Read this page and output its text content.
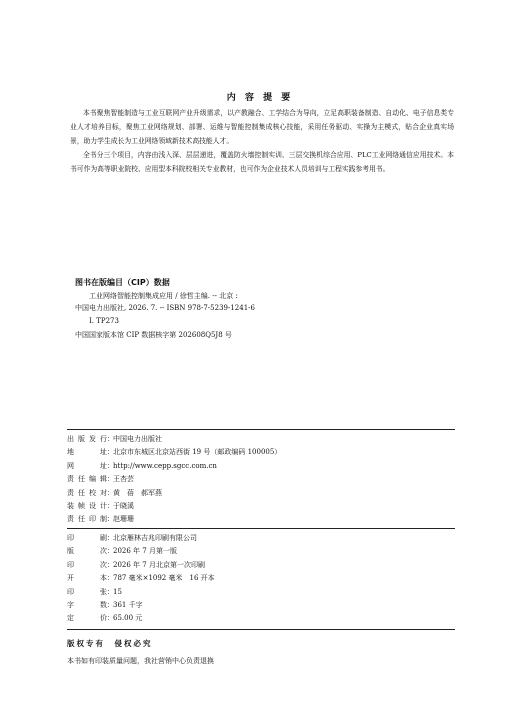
内 容 提 要
本书聚焦智能制造与工业互联网产业升级需求，以产教融合、工学结合为导向，立足高职装备制造、自动化、电子信息类专业人才培养目标，聚焦工业网络规划、部署、运维与智能控制集成核心技能，采用任务驱动、实操为主模式，贴合企业真实场景，助力学生成长为工业网络领域新技术高技能人才。
全书分三个项目，内容由浅入深、层层递进，覆盖防火墙控制实训、三层交换机综合应用、PLC工业网络通信应用技术。本书可作为高等职业院校、应用型本科院校相关专业教材，也可作为企业技术人员培训与工程实践参考用书。
图书在版编目（CIP）数据
工业网络智能控制集成应用 / 徐哲主编. -- 北京 :
中国电力出版社, 2026. 7. -- ISBN 978-7-5239-1241-6
Ⅰ. TP273
中国国家版本馆 CIP 数据核字第 202608Q5J8 号
出版发行 ： 中国电力出版社
地　址 ： 北京市东城区北京站西街 19 号（邮政编码 100005）
网　址 ： http://www.cepp.sgcc.com.cn
责任编辑 ： 王杏芸
责任校对 ： 黄　蓓　郝军燕
装帧设计 ： 于晓溪
责任印制 ： 赵珊珊
印　刷 ： 北京雁林吉兆印刷有限公司
版　次 ： 2026 年 7 月第一版
印　次 ： 2026 年 7 月北京第一次印刷
开　本 ： 787 毫米×1092 毫米　16 开本
印　张 ： 15
字　数 ： 361 千字
定　价 ： 65.00 元
版权专有　侵权必究
本书如有印装质量问题，我社营销中心负责退换
